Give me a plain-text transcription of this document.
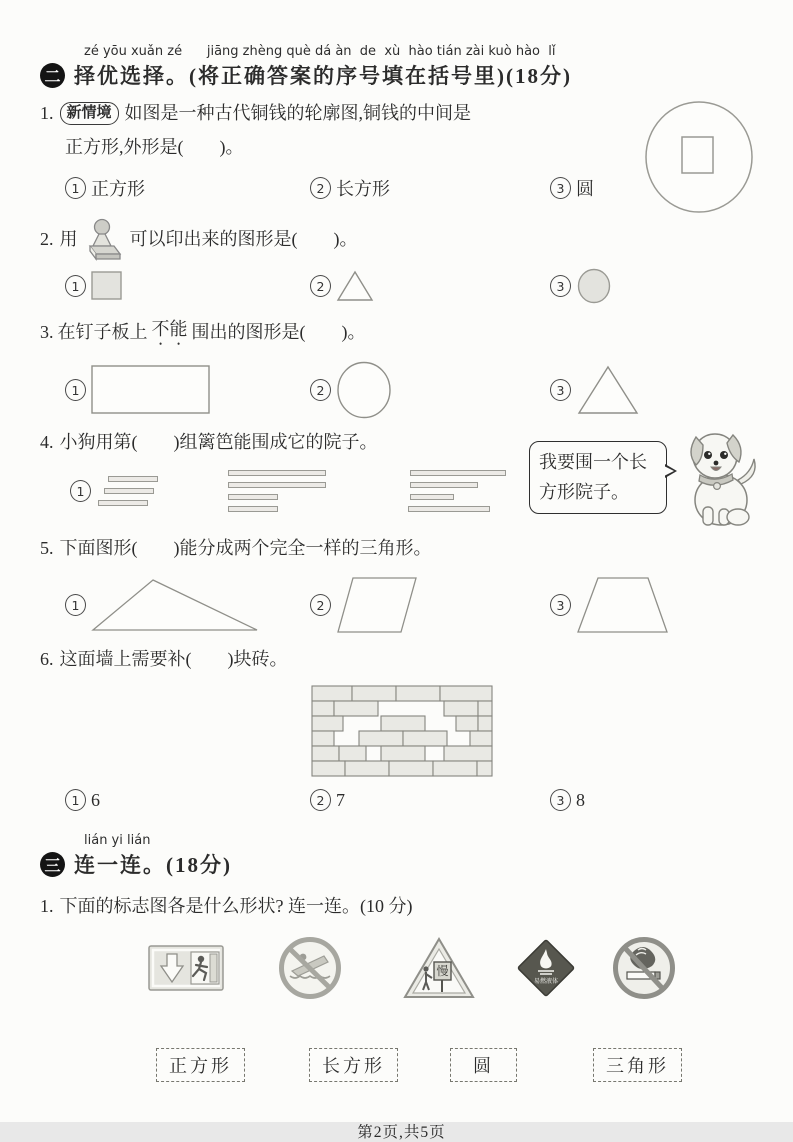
zé yōu xuǎn zé      jiāng zhèng què dá àn  de  xù  hào tián zài kuò hào  lǐ
二 择优选择。(将正确答案的序号填在括号里)(18分)
1. 新情境 如图是一种古代铜钱的轮廓图,铜钱的中间是
正方形,外形是(　　)。
1 正方形	2 长方形	3 圆
2. 用	可以印出来的图形是(　　)。
1	2	3
3. 在钉子板上 不能 围出的图形是(　　)。
1	2	3
4. 小狗用第(　　)组篱笆能围成它的院子。
1
我要围一个长方形院子。
5. 下面图形(　　)能分成两个完全一样的三角形。
1	2	3
6. 这面墙上需要补(　　)块砖。
1 6	2 7	3 8
lián yi lián
三 连一连。(18分)
1. 下面的标志图各是什么形状? 连一连。(10 分)
慢
易燃液体
正方形	长方形	圆	三角形
第2页,共5页
